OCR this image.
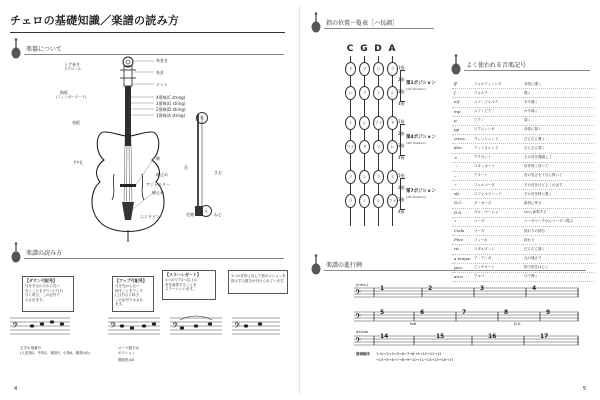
チェロの基礎知識／楽譜の読み方
楽器について
うず巻き
スクロール
指板
(フィンガーボード)
表板
f字孔
糸巻き
糸倉
ナット
4番線(C string)
3番線(G string)
2番線(D string)
1番線(A string)
駒
緒止め
アジャスター
緒止め
エンドピン
先
さお
毛
毛箱
元
ねじ
楽譜の読み方
【ダウン弓記号】
弓を手元の方から先へ
引くことをダウン(下げ)
弓と呼び、この記号で
示されます。
【アップ弓記号】
弓を先から元へ
押すことをアップ
(上げ)弓と呼び、
この記号で示され
ます。
【スラーレガート】
1つの弓で2つ以上の
音を演奏することを
スラーといいます。
1つの音符に対して指ポジションを
指示する数字が付けられています。
𝄢	𝄢	𝄢	𝄢
左手の指番号
(人差指1、中指2、薬指3、小指4、親指は0)
ローマ数字は
ポジション
開放弦は0
4
指の位置一覧表［ハ長調］
C G D A
ド
レ
ミ
ファ
ソ
ラ
ソ
ラ
シ
ド
レ
ミ
レ
ミ
ファ
ソ
ラ
シ
ラ
シ
ド
レ
ミ
ファ
1指
2指
3指
4指
1指
2指
3指
4指
1指
2指
3指
4指
第1ポジション
(1st Position)
第4ポジション
(4th Position)
第7ポジション
(7th Position)
よく使われる音楽記号
ff	フォルティッシモ	非常に強く
f	フォルテ	強く
mf	メゾ・フォルテ	やや強く
mp	メゾ・ピアノ	やや弱く
p	ピアノ	弱く
pp	ピアニッシモ	非常に弱く
cresc. クレッシェンド	だんだん強く
dim.	ディミヌエンド	だんだん弱く
>	アクセント	その音を強調して
・	スタッカート	音を短く切って
‒	テヌート	音の長さを十分に保って
𝄐	フェルマータ	その音をほどよくのばす
sfz	スフォルツァンド	その音を特に強く
D.C.	ダ・カーポ	最初に戻る
D.S.	ダル・セーニョ	𝄋から演奏する
𝄌	コーダ	コーダマークからコーダへ飛ぶ
Coda	コーダ	終わりの部分
Fine	フィーネ	終わり
rit.	リタルダンド	だんだん遅く
a tempo ア・テンポ	元の速さで
pizz.	ピッチカート	指で弦をはじく
arco	アルコ	弓で弾く
楽譜の進行例
𝄢
𝄢
𝄢
(Intro.) 1	2	3	4
5	6	7	8	9
to⊕	D.S.
⊕Coda
14	15	16	17
演奏順序 1→2→3→4→5→6→7→8→9→10→11→12
→13→5→6→7→8→9→10→11→14→15→16→17
5
